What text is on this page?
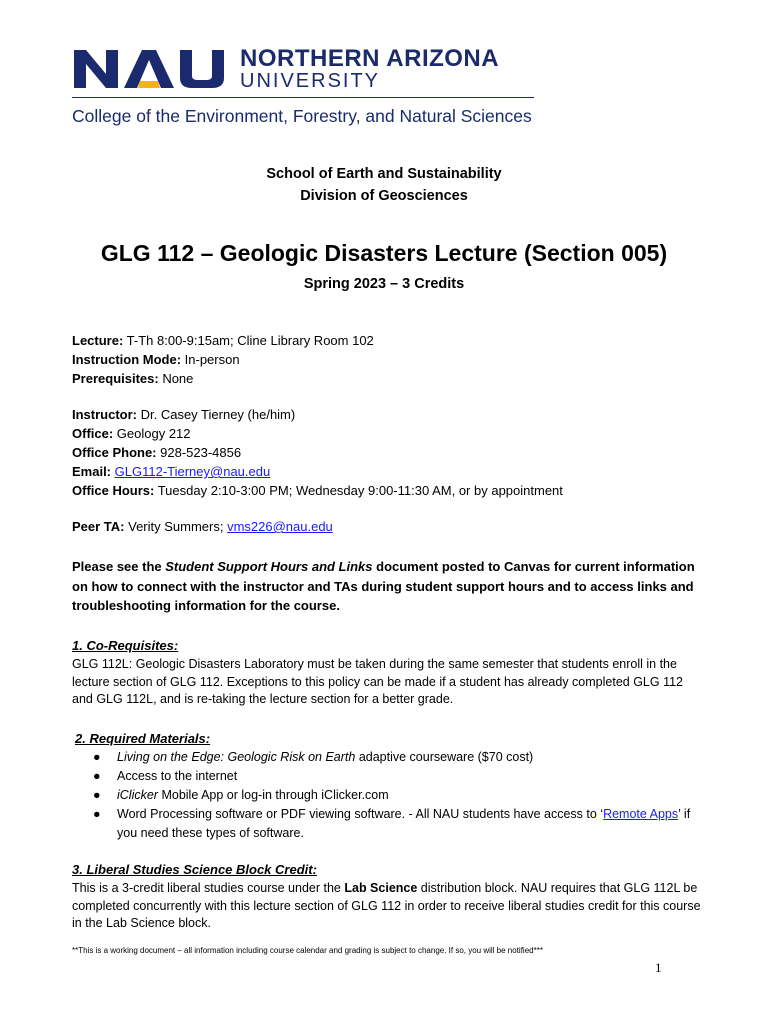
NORTHERN ARIZONA
UNIVERSITY
College of the Environment, Forestry, and Natural Sciences
School of Earth and Sustainability
Division of Geosciences
GLG 112 – Geologic Disasters Lecture (Section 005)
Spring 2023 – 3 Credits
Lecture: T-Th 8:00-9:15am; Cline Library Room 102
Instruction Mode: In-person
Prerequisites: None
Instructor: Dr. Casey Tierney (he/him)
Office: Geology 212
Office Phone: 928-523-4856
Email: GLG112-Tierney@nau.edu
Office Hours: Tuesday 2:10-3:00 PM; Wednesday 9:00-11:30 AM, or by appointment
Peer TA: Verity Summers; vms226@nau.edu
Please see the Student Support Hours and Links document posted to Canvas for current information on how to connect with the instructor and TAs during student support hours and to access links and troubleshooting information for the course.
1. Co-Requisites:
GLG 112L: Geologic Disasters Laboratory must be taken during the same semester that students enroll in the lecture section of GLG 112. Exceptions to this policy can be made if a student has already completed GLG 112 and GLG 112L, and is re-taking the lecture section for a better grade.
2. Required Materials:
● Living on the Edge: Geologic Risk on Earth adaptive courseware ($70 cost)
● Access to the internet
● iClicker Mobile App or log-in through iClicker.com
● Word Processing software or PDF viewing software. - All NAU students have access to ‘Remote Apps’ if you need these types of software.
3. Liberal Studies Science Block Credit:
This is a 3-credit liberal studies course under the Lab Science distribution block. NAU requires that GLG 112L be completed concurrently with this lecture section of GLG 112 in order to receive liberal studies credit for this course in the Lab Science block.
**This is a working document – all information including course calendar and grading is subject to change. If so, you will be notified***
1
